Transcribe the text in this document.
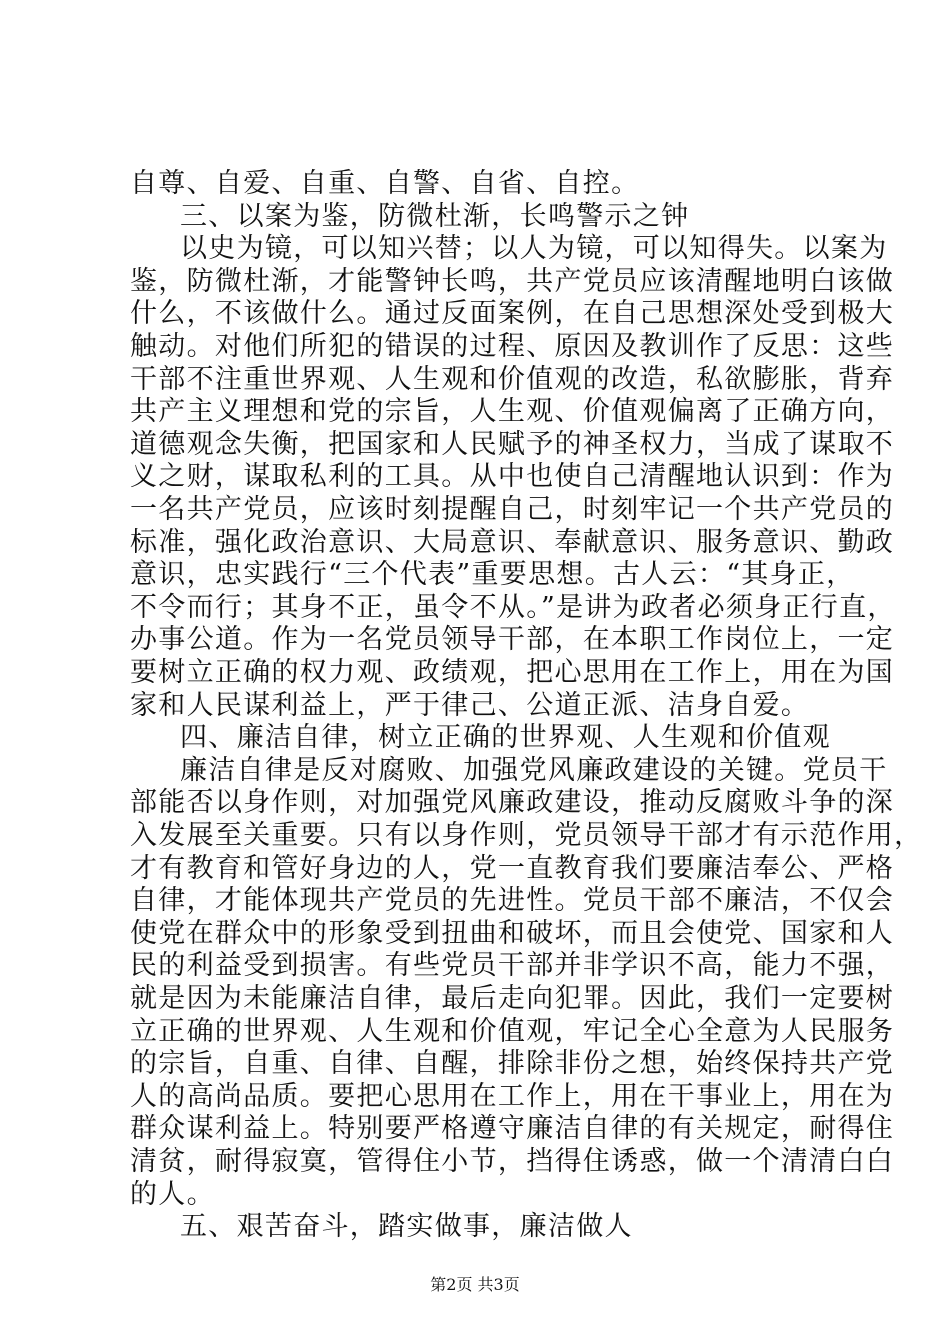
自尊、自爱、自重、自警、自省、自控。
三、以案为鉴，防微杜渐，长鸣警示之钟
以史为镜，可以知兴替；以人为镜，可以知得失。以案为
鉴，防微杜渐，才能警钟长鸣，共产党员应该清醒地明白该做
什么，不该做什么。通过反面案例，在自己思想深处受到极大
触动。对他们所犯的错误的过程、原因及教训作了反思：这些
干部不注重世界观、人生观和价值观的改造，私欲膨胀，背弃
共产主义理想和党的宗旨，人生观、价值观偏离了正确方向，
道德观念失衡，把国家和人民赋予的神圣权力，当成了谋取不
义之财，谋取私利的工具。从中也使自己清醒地认识到：作为
一名共产党员，应该时刻提醒自己，时刻牢记一个共产党员的
标准，强化政治意识、大局意识、奉献意识、服务意识、勤政
意识，忠实践行“三个代表”重要思想。古人云：“其身正，
不令而行；其身不正，虽令不从。”是讲为政者必须身正行直，
办事公道。作为一名党员领导干部，在本职工作岗位上，一定
要树立正确的权力观、政绩观，把心思用在工作上，用在为国
家和人民谋利益上，严于律己、公道正派、洁身自爱。
四、廉洁自律，树立正确的世界观、人生观和价值观
廉洁自律是反对腐败、加强党风廉政建设的关键。党员干
部能否以身作则，对加强党风廉政建设，推动反腐败斗争的深
入发展至关重要。只有以身作则，党员领导干部才有示范作用，
才有教育和管好身边的人，党一直教育我们要廉洁奉公、严格
自律，才能体现共产党员的先进性。党员干部不廉洁，不仅会
使党在群众中的形象受到扭曲和破坏，而且会使党、国家和人
民的利益受到损害。有些党员干部并非学识不高，能力不强，
就是因为未能廉洁自律，最后走向犯罪。因此，我们一定要树
立正确的世界观、人生观和价值观，牢记全心全意为人民服务
的宗旨，自重、自律、自醒，排除非份之想，始终保持共产党
人的高尚品质。要把心思用在工作上，用在干事业上，用在为
群众谋利益上。特别要严格遵守廉洁自律的有关规定，耐得住
清贫，耐得寂寞，管得住小节，挡得住诱惑，做一个清清白白
的人。
第2页 共3页
五、艰苦奋斗，踏实做事，廉洁做人
